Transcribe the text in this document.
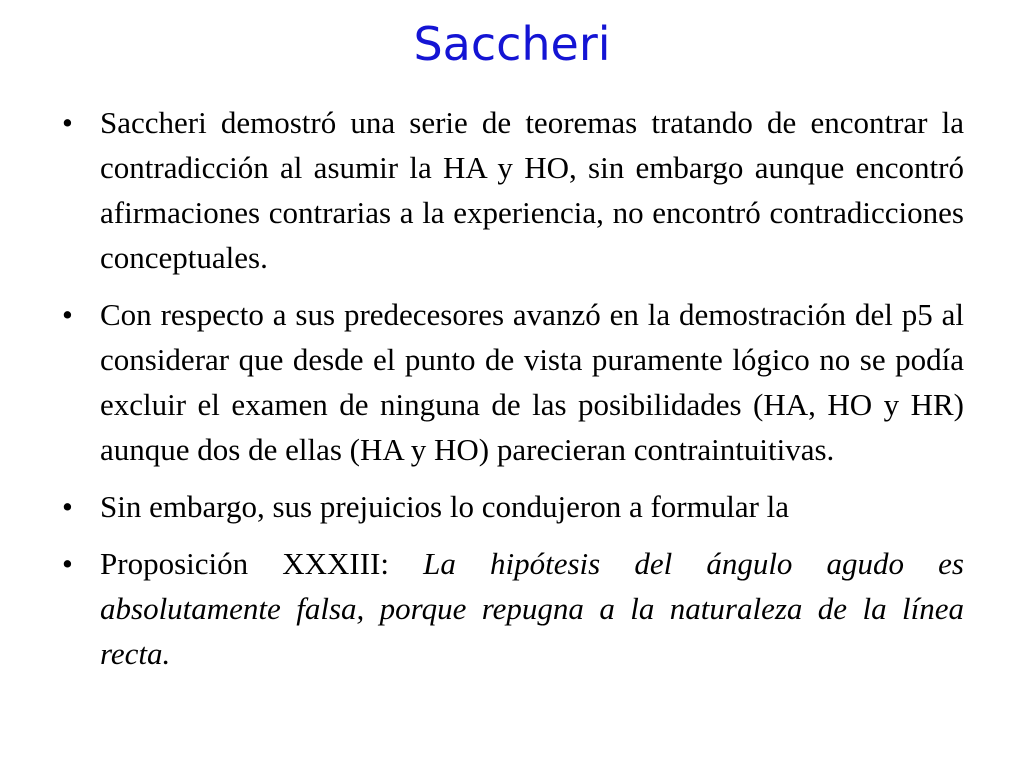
Saccheri
• Saccheri demostró una serie de teoremas tratando de encontrar la contradicción al asumir la HA y HO, sin embargo aunque encontró afirmaciones contrarias a la experiencia, no encontró contradicciones conceptuales.
• Con respecto a sus predecesores avanzó en la demostración del p5 al considerar que desde el punto de vista puramente lógico no se podía excluir el examen de ninguna de las posibilidades (HA, HO y HR) aunque dos de ellas (HA y HO) parecieran contraintuitivas.
• Sin embargo, sus prejuicios lo condujeron a formular la
• Proposición XXXIII: La hipótesis del ángulo agudo es absolutamente falsa, porque repugna a la naturaleza de la línea recta.
